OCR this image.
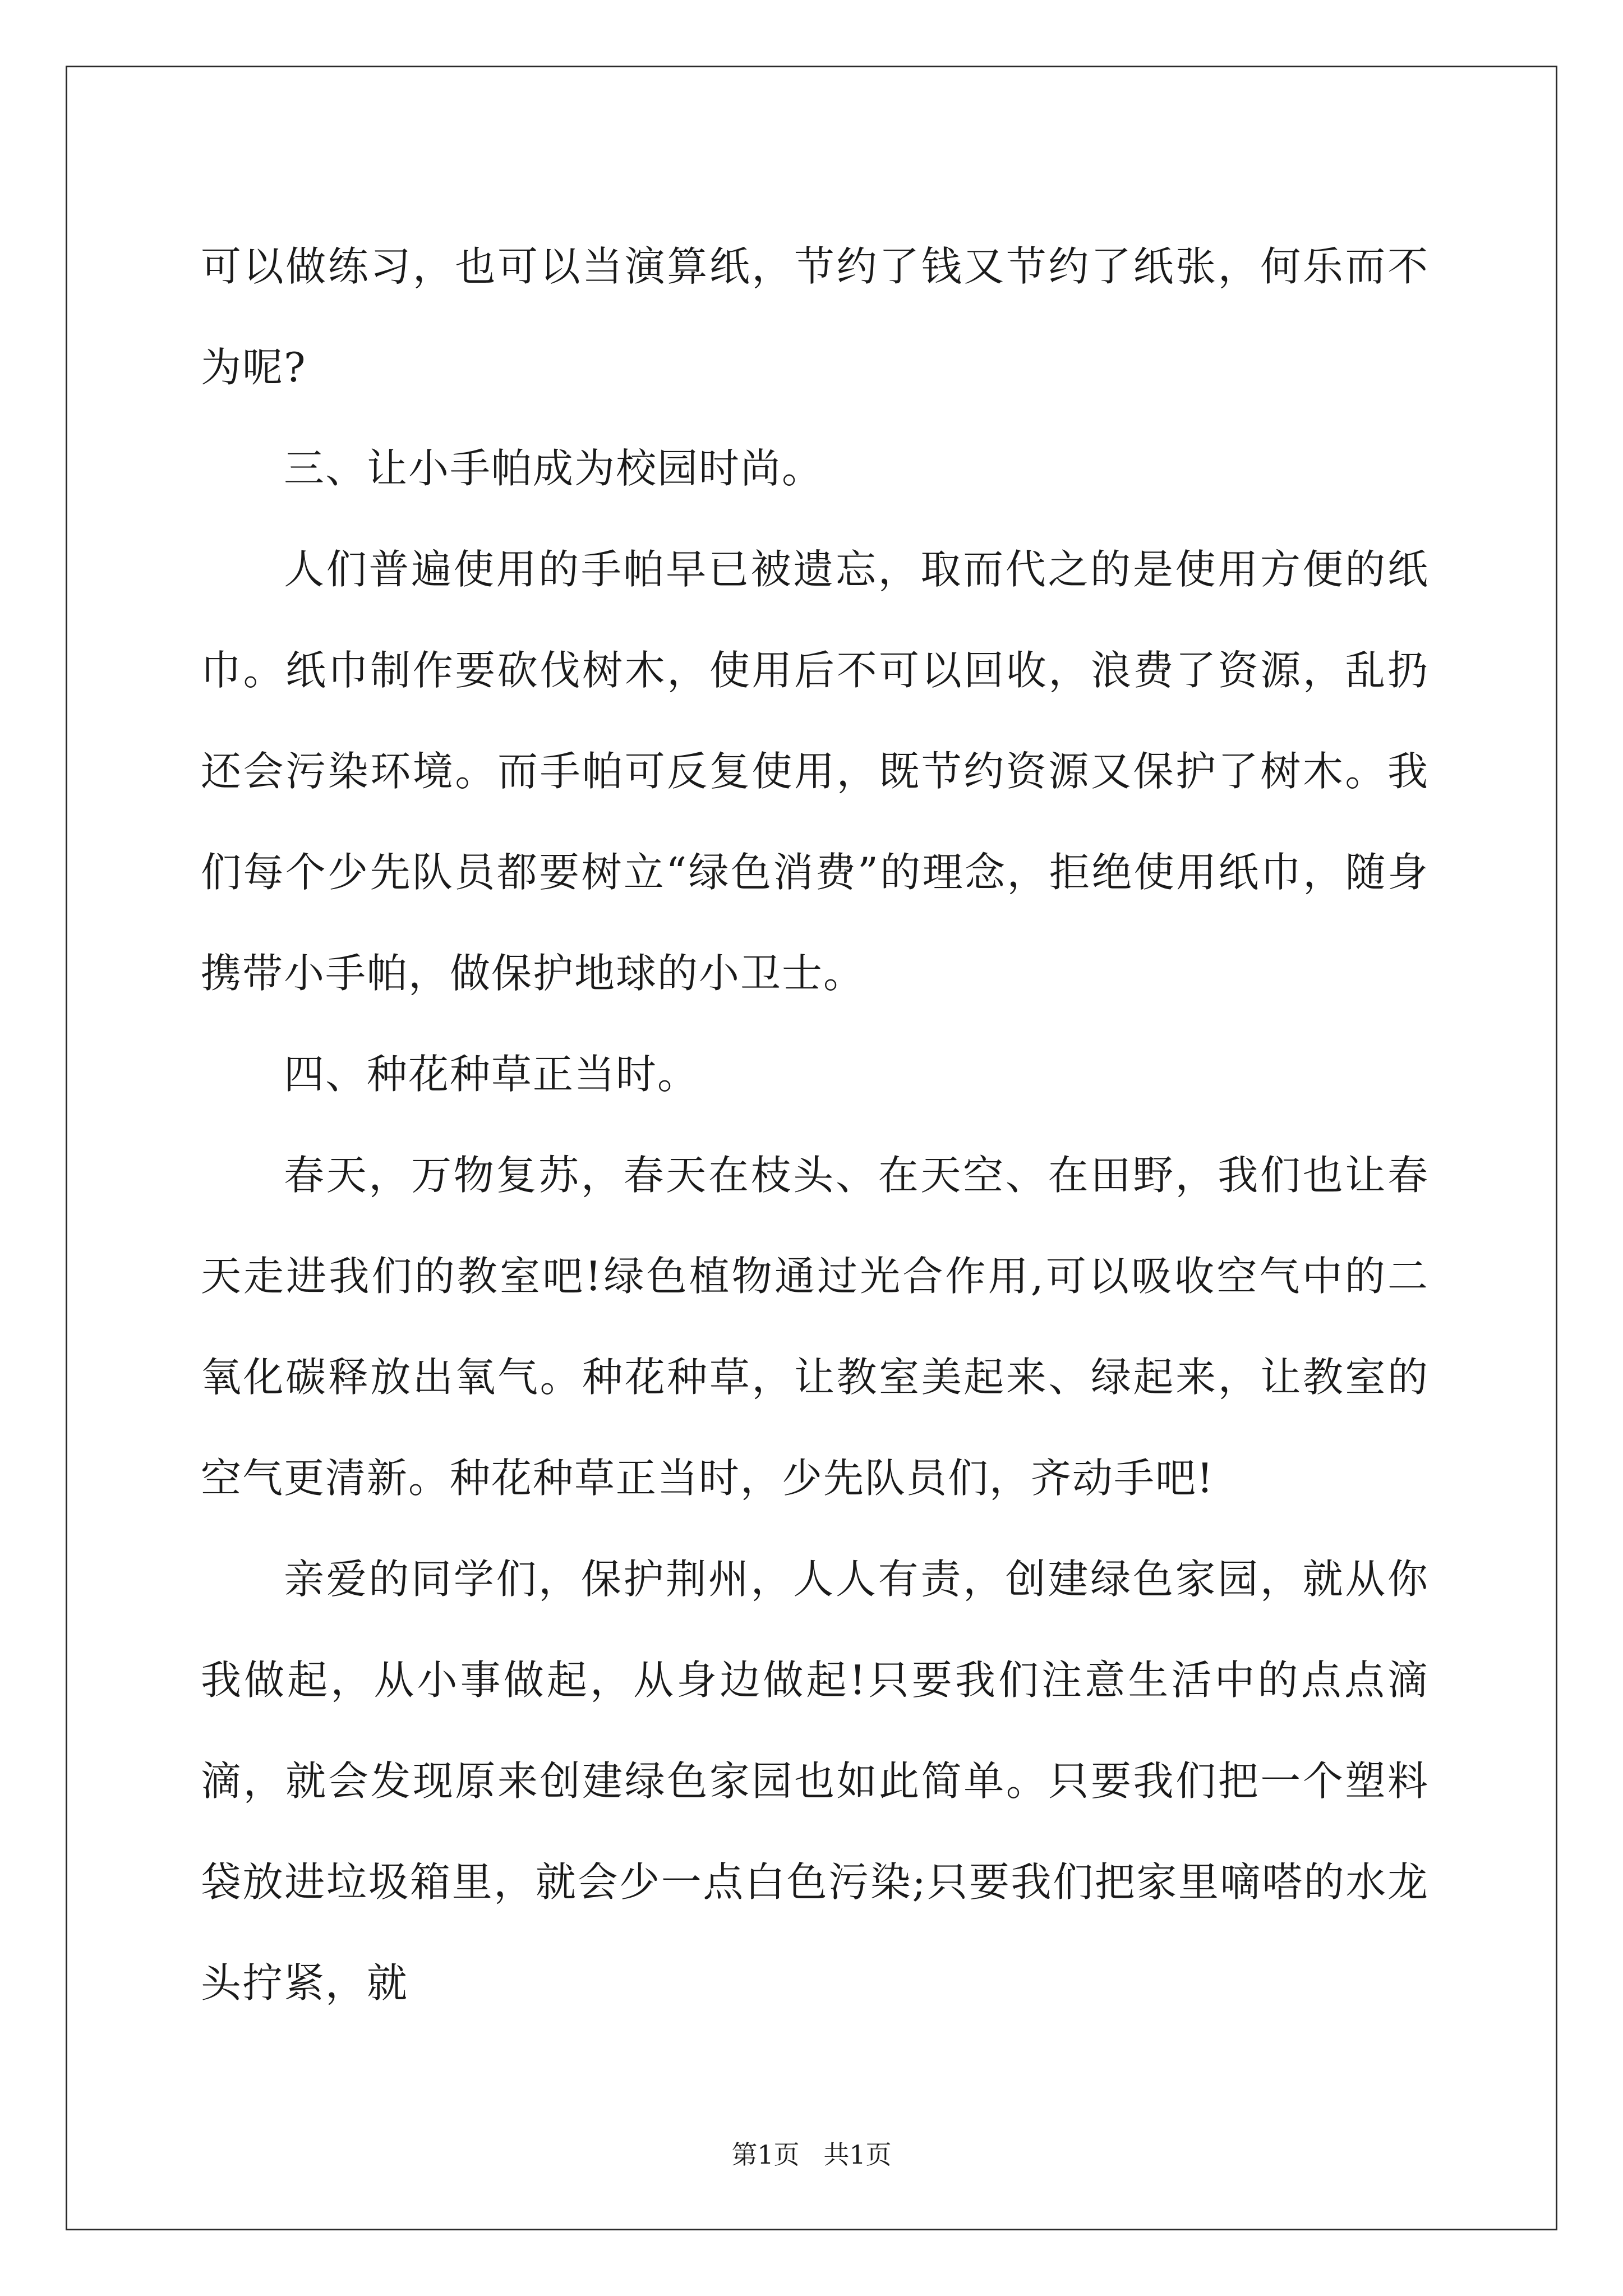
可以做练习，也可以当演算纸，节约了钱又节约了纸张，何乐而不为呢?

三、让小手帕成为校园时尚。

人们普遍使用的手帕早已被遗忘，取而代之的是使用方便的纸巾。纸巾制作要砍伐树木，使用后不可以回收，浪费了资源，乱扔还会污染环境。而手帕可反复使用，既节约资源又保护了树木。我们每个少先队员都要树立“绿色消费”的理念，拒绝使用纸巾，随身携带小手帕，做保护地球的小卫士。

四、种花种草正当时。

春天，万物复苏，春天在枝头、在天空、在田野，我们也让春天走进我们的教室吧!绿色植物通过光合作用,可以吸收空气中的二氧化碳释放出氧气。种花种草，让教室美起来、绿起来，让教室的空气更清新。种花种草正当时，少先队员们，齐动手吧!

亲爱的同学们，保护荆州，人人有责，创建绿色家园，就从你我做起，从小事做起，从身边做起!只要我们注意生活中的点点滴滴，就会发现原来创建绿色家园也如此简单。只要我们把一个塑料袋放进垃圾箱里，就会少一点白色污染;只要我们把家里嘀嗒的水龙头拧紧，就

第1页 共1页
